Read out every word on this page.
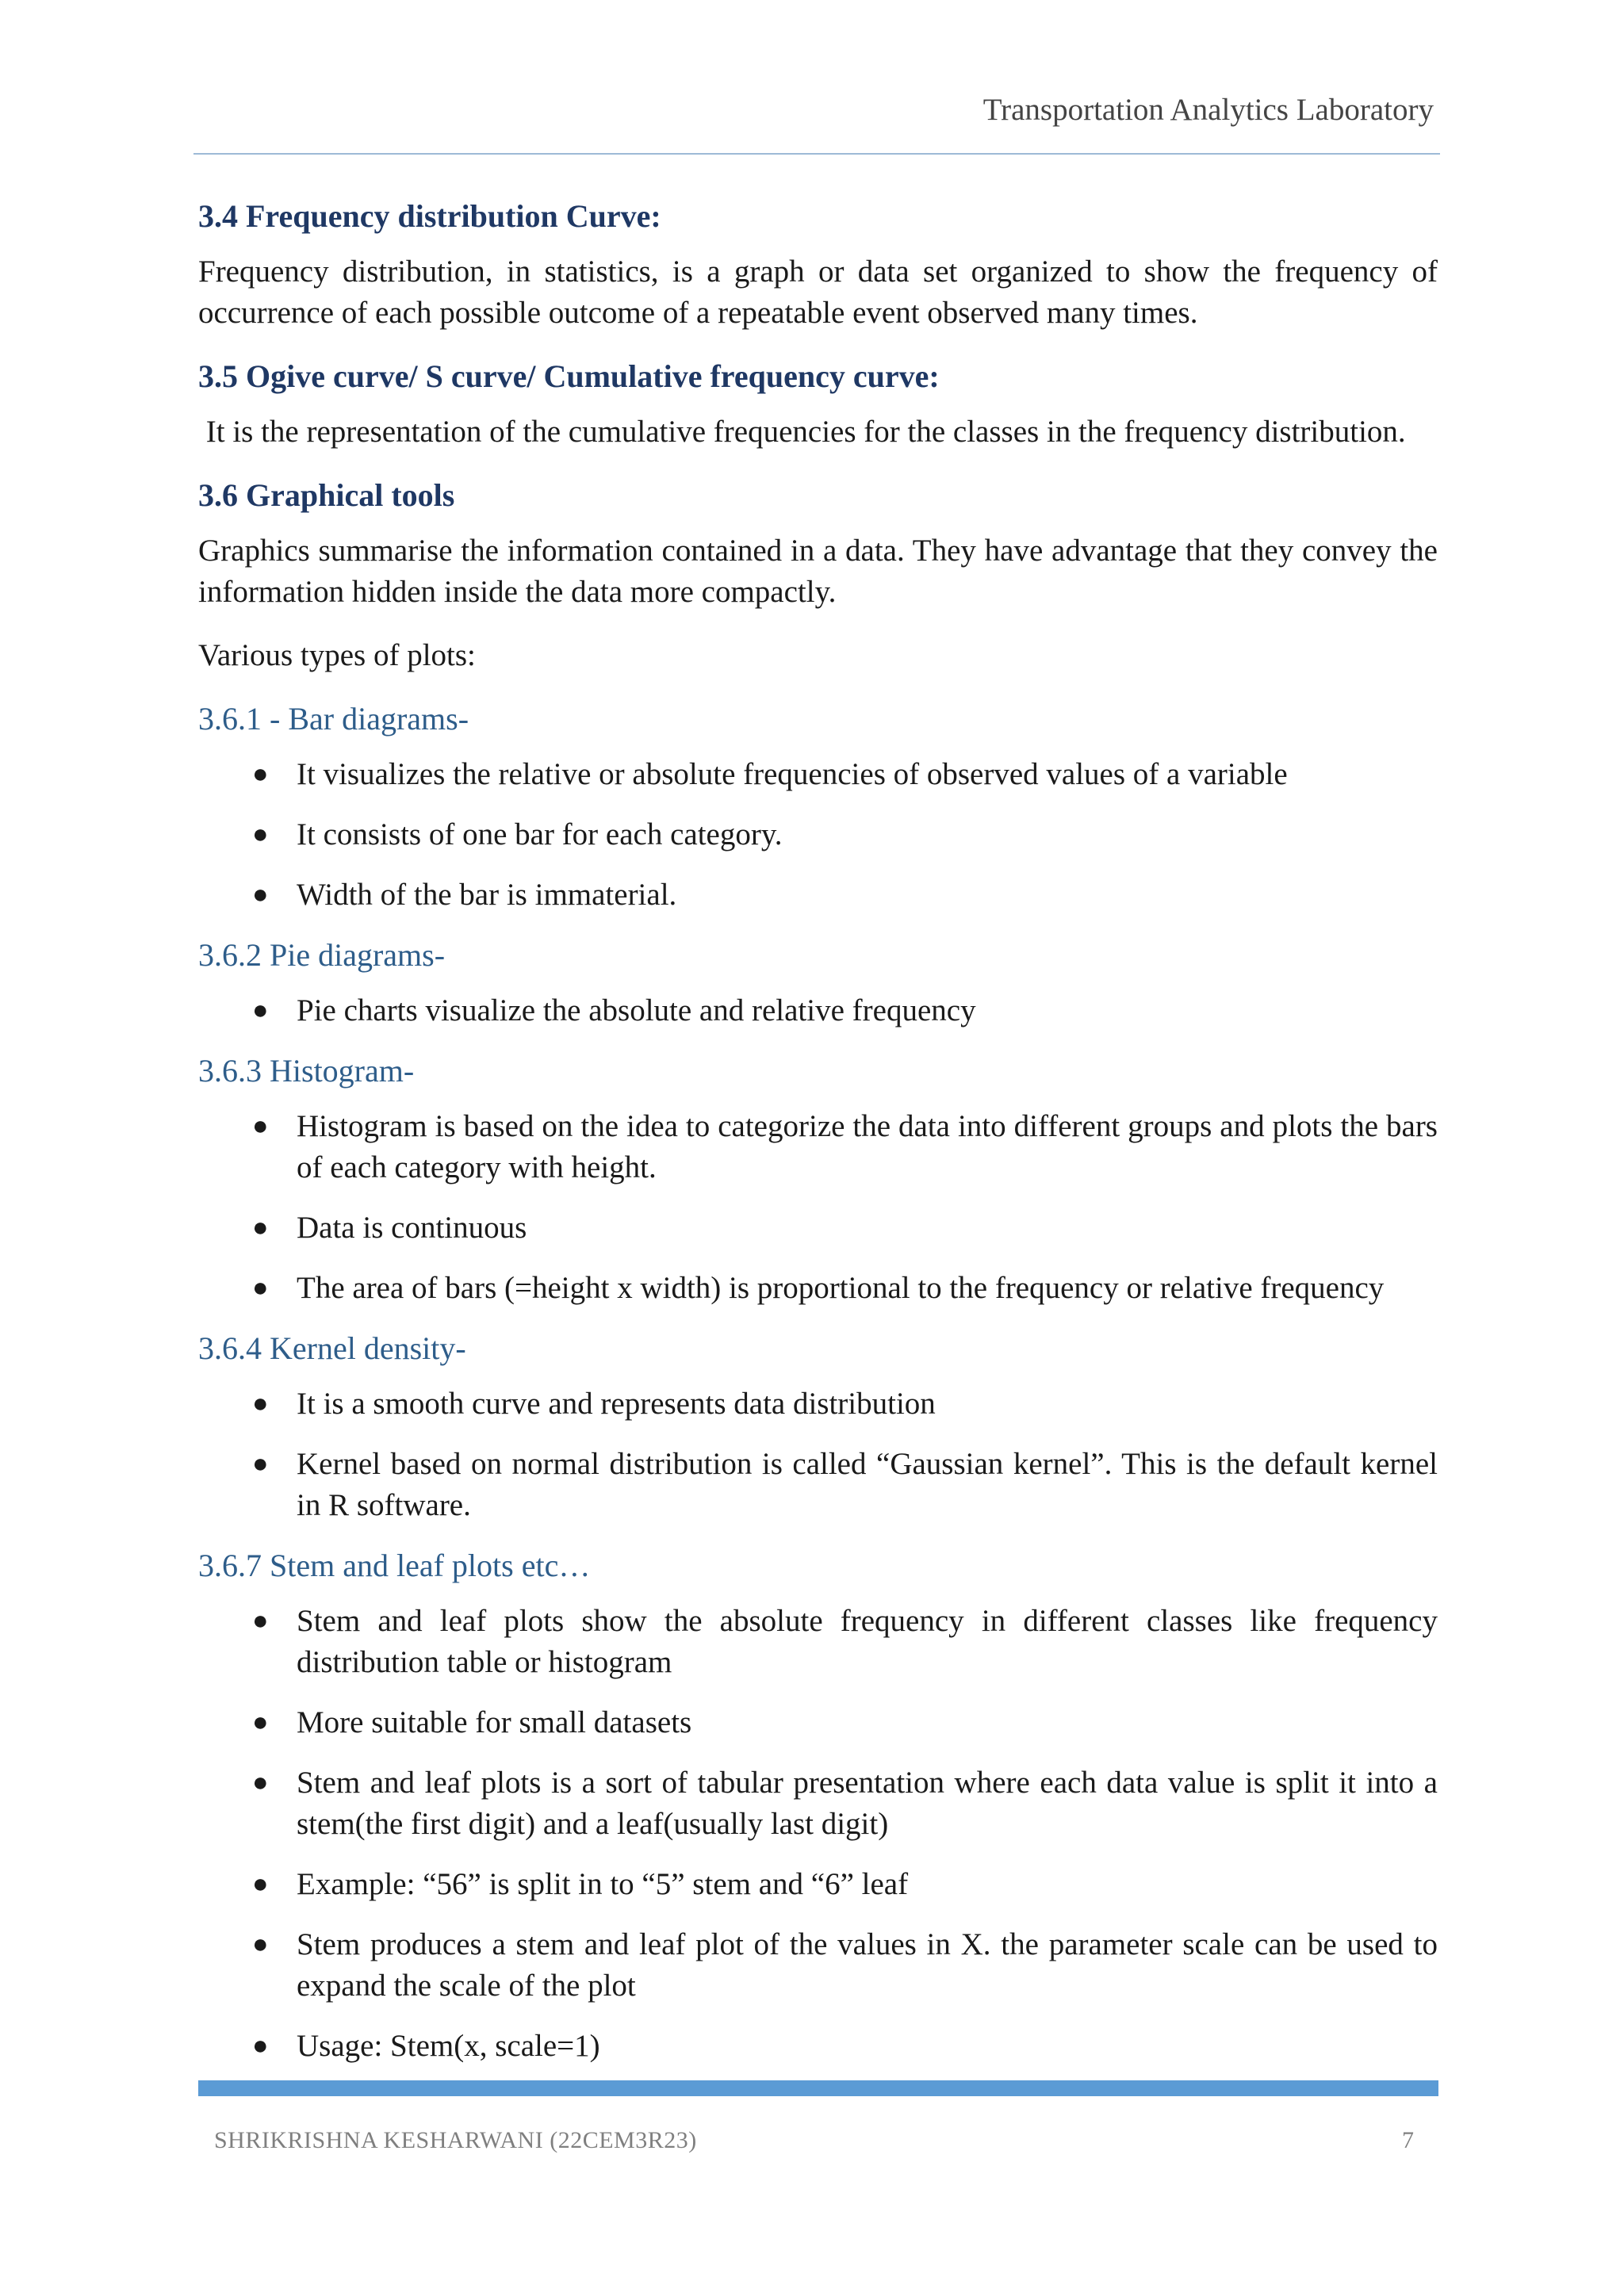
Transportation Analytics Laboratory
3.4 Frequency distribution Curve:

Frequency distribution, in statistics, is a graph or data set organized to show the frequency of occurrence of each possible outcome of a repeatable event observed many times.

3.5 Ogive curve/ S curve/ Cumulative frequency curve:

It is the representation of the cumulative frequencies for the classes in the frequency distribution.

3.6 Graphical tools

Graphics summarise the information contained in a data. They have advantage that they convey the information hidden inside the data more compactly.

Various types of plots:

3.6.1 - Bar diagrams-
● It visualizes the relative or absolute frequencies of observed values of a variable
● It consists of one bar for each category.
● Width of the bar is immaterial.
3.6.2 Pie diagrams-
● Pie charts visualize the absolute and relative frequency
3.6.3 Histogram-
● Histogram is based on the idea to categorize the data into different groups and plots the bars of each category with height.
● Data is continuous
● The area of bars (=height x width) is proportional to the frequency or relative frequency
3.6.4 Kernel density-
● It is a smooth curve and represents data distribution
● Kernel based on normal distribution is called “Gaussian kernel”. This is the default kernel in R software.
3.6.7 Stem and leaf plots etc…
● Stem and leaf plots show the absolute frequency in different classes like frequency distribution table or histogram
● More suitable for small datasets
● Stem and leaf plots is a sort of tabular presentation where each data value is split it into a stem(the first digit) and a leaf(usually last digit)
● Example: “56” is split in to “5” stem and “6” leaf
● Stem produces a stem and leaf plot of the values in X. the parameter scale can be used to expand the scale of the plot
● Usage: Stem(x, scale=1)
SHRIKRISHNA KESHARWANI (22CEM3R23)	7
